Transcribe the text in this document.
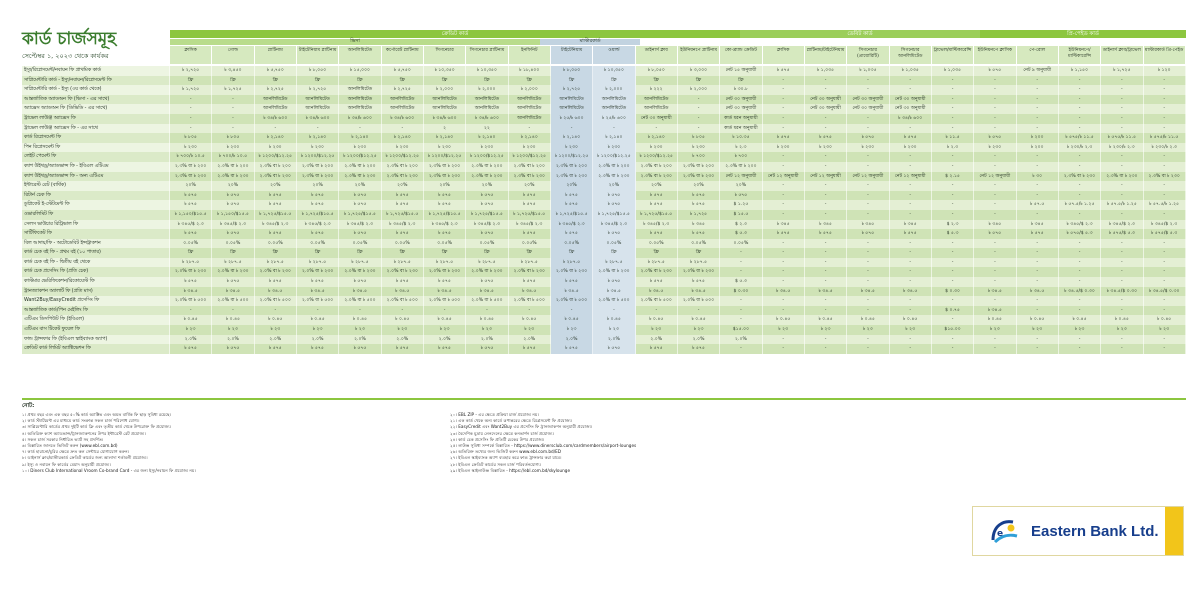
কার্ড চার্জসমূহ
সেপ্টেম্বর ১, ২০২৩ থেকে কার্যকর
ক্রেডিট কার্ড	ডেবিট কার্ড	প্রি-পেইড কার্ড
ভিসা	মাস্টারকার্ড
ক্লাসিক	গোল্ড	প্লাটিনাম	টাইটেনিয়াম প্লাটিনাম	আনলিমিটেড	কর্পোরেট প্লাটিনাম	সিগনেচার	সিগনেচার প্লাটিনাম	ইনফিনিট	টাইটেনিয়াম	ওয়ার্ল্ড	ডাইনার্স ক্লাব	ইউনিয়নপে প্লাটিনাম	কো-ব্র্যান্ড ক্রেডিট	ক্লাসিক	প্লাটিনাম/টাইটেনিয়াম	সিগনেচার (প্রায়োরিটি)
সিগনেচার আনলিমিটেড
ট্রাভেল/মাল্টিকারেন্সি	ইউনিয়নপে ক্লাসিক	পে-রোল	ইউনিয়নপে/মাল্টিকারেন্সি
ডাইনার্স ক্লাব/ট্রাভেল মাস্টারকার্ড প্রি-পেইড
ইস্যু/রিপ্লেসমেন্ট/নবায়ন ফি প্রাথমিক কার্ড	৳ ২,৭২৫	৳ ৩,৪৫০	৳ ৫,৭৫০	৳ ৮,০৫০	৳ ১৫,০০০	৳ ৫,৭৫০	৳ ১০,৩৫০	৳ ১০,৩৫০	৳ ১৮,৪০০	৳ ৮,০৫০	৳ ১০,৩৫০	৳ ৮,০৫০	৳ ৩,০০০	নেট ১৫ অনুযায়ী	৳ ৫৭৫	৳ ১,০৩৫	৳ ১,০৩৫	৳ ১,০৩৫	৳ ১,০৩৫	৳ ৫৭৫	নেট ৯ অনুযায়ী	৳ ১,১৫০	৳ ১,৭২৫	৳ ১২০
সাপ্লিমেন্টারি কার্ড - ইস্যু/নবায়ন/রিপ্লেসমেন্ট ফি	ফ্রি	ফ্রি	ফ্রি	ফ্রি	ফ্রি	ফ্রি	ফ্রি	ফ্রি	ফ্রি	ফ্রি	ফ্রি	ফ্রি	ফ্রি	ফ্রি	-	-	-	-	-	-	-	-	-	-
সাপ্লিমেন্টারি কার্ড - ইস্যু (৩য় কার্ড থেকে)	৳ ১,৭২৫	৳ ১,৭২৫	৳ ২,৭২৫	৳ ২,৭২৫	আনলিমিটেড	৳ ২,৭২৫	৳ ২,০০০	৳ ২,০০০	৳ ২,০০০	৳ ২,৭২৫	৳ ২,০০০	৳ ২২২	৳ ২,০০০	৳ ৩০.৮	-	-	-	-	-	-	-	-	-	-
আন্তর্জাতিক অ্যাডঅন ফি (ভিসা - এর সাথে)	-	-	আনলিমিটেড	আনলিমিটেড	আনলিমিটেড	আনলিমিটেড	আনলিমিটেড	আনলিমিটেড	আনলিমিটেড	আনলিমিটেড	আনলিমিটেড	আনলিমিটেড	-	নেট ৩০ অনুযায়ী	-	নেট ৩০ অনুযায়ী	নেট ৩০ অনুযায়ী	নেট ৩০ অনুযায়ী	-	-	-	-	-	-
অ্যাক্সেস অ্যাডঅন ফি (ডিভিডি - এর সাথে)	-	-	আনলিমিটেড	আনলিমিটেড	আনলিমিটেড	আনলিমিটেড	আনলিমিটেড	আনলিমিটেড	আনলিমিটেড	আনলিমিটেড	আনলিমিটেড	আনলিমিটেড	-	নেট ৩০ অনুযায়ী	-	নেট ৩০ অনুযায়ী	নেট ৩০ অনুযায়ী	নেট ৩০ অনুযায়ী	-	-	-	-	-	-
ট্রাভেল লাউঞ্জ অ্যাক্সেস ফি	-	-	৳ ৩৪/৳ ৬০০	৳ ৩৪/৳ ৬০০	৳ ৩৪/৳ ৬০০	৳ ৩৪/৳ ৬০০	৳ ৩৪/৳ ৬০০	৳ ৩৪/৳ ৬০০	আনলিমিটেড	৳ ২৫/৳ ৬০০	৳ ২৫/৳ ৬০০	নেট ৩০ অনুযায়ী	-	কার্ড ধরন অনুযায়ী	-	-	-	৳ ৩৪/৳ ৬০০	-	-	-	-	-	-
ট্রাভেল লাউঞ্জ অ্যাক্সেস ফি - এর সাথে	-	-	-	-	-	-	২	২২	-	-	-	-	-	কার্ড ধরন অনুযায়ী	-	-	-	-	-	-	-	-	-	-
কার্ড রিপ্লেসমেন্ট ফি	৳ ৮০৫	৳ ৮০৫	৳ ২,১৪০	৳ ২,১৪০	৳ ২,১৪০	৳ ২,১৪০	৳ ২,১৪০	৳ ২,১৪০	৳ ২,১৪০	৳ ২,১৪০	৳ ২,১৪০	৳ ২,১৪০	৳ ৮০৫	৳ ১০.৩৫	৳ ৫৭৫	৳ ৫৭৫	৳ ৫৭৫	৳ ৫৭৫	৳ ১১.৫	৳ ৫৭৫	৳ ২০০	৳ ৫৭৫/৳ ১১.৫	৳ ৫৭৫/৳ ১১.৫	৳ ৫৭৫/৳ ১১.৫
পিন রিপ্লেসমেন্ট ফি	৳ ২৩০	৳ ২৩০	৳ ২৩০	৳ ২৩০	৳ ২৩০	৳ ২৩০	৳ ২৩০	৳ ২৩০	৳ ২৩০	৳ ২৩০	৳ ২৩০	৳ ২৩০	৳ ২৩০	৳ ২.৩	৳ ২৩০	৳ ২৩০	৳ ২৩০	৳ ২৩০	৳ ২.৩	৳ ২৩০	৳ ২০০	৳ ২৩০/৳ ২.৩	৳ ২৩০/৳ ২.৩	৳ ২৩০/৳ ২.৩
লেইট পেমেন্ট ফি	৳ ৭০০/৳ ১০.৫	৳ ৭০০/৳ ১০.৫	৳ ১২০০/$১২.২৫	৳ ১২০০/$১২.২৫	৳ ১২০০/$১২.২৫	৳ ১২০০/$১২.২৫	৳ ১২০০/$১২.২৫	৳ ১২০০/$১২.২৫	৳ ১২০০/$১২.২৫	৳ ১২০০/$১২.২৫	৳ ১২০০/$১২.২৫	৳ ১২০০/$১২.২৫	৳ ৭০০	৳ ৭০০	-	-	-	-	-	-	-	-	-	-
ক্যাশ উইথড্র/অ্যাডভান্স ফি - ইবিএল এটিএম	২.৩% বা ৳ ২০০	২.৩% বা ৳ ২০০	২.৩% বা ৳ ২০০	২.৩% বা ৳ ২০০	২.৩% বা ৳ ২০০	২.৩% বা ৳ ২০০	২.৩% বা ৳ ২০০	২.৩% বা ৳ ২০০	২.৩% বা ৳ ২০০	২.৩% বা ৳ ২০০	২.৩% বা ৳ ২০০	২.৩% বা ৳ ২০০	২.৩% বা ৳ ২০০	২.৩% বা ৳ ২০০	-	-	-	-	-	-	-	-	-	-
ক্যাশ উইথড্র/অ্যাডভান্স ফি - অন্য এটিএম	২.৩% বা ৳ ২৩০	২.৩% বা ৳ ২৩০	২.৩% বা ৳ ২৩০	২.৩% বা ৳ ২৩০	২.৩% বা ৳ ২৩০	২.৩% বা ৳ ২৩০	২.৩% বা ৳ ২৩০	২.৩% বা ৳ ২৩০	২.৩% বা ৳ ২৩০	২.৩% বা ৳ ২৩০	২.৩% বা ৳ ২৩০	২.৩% বা ৳ ২৩০	২.৩% বা ৳ ২৩০	নেট ১২ অনুযায়ী	নেট ১২ অনুযায়ী	নেট ১২ অনুযায়ী	নেট ১২ অনুযায়ী	নেট ১২ অনুযায়ী	$ ২.১৫	নেট ১২ অনুযায়ী	৳ ৩০	২.৩% বা ৳ ২৩০	২.৩% বা ৳ ২৩০	২.৩% বা ৳ ২৩০
ইন্টারেস্ট রেট (বার্ষিক)	২০%	২০%	২০%	২০%	২০%	২০%	২০%	২০%	২০%	২০%	২০%	২০%	২০%	২০%	-	-	-	-	-	-	-	-	-	-
রিটার্ন চেক ফি	৳ ৫৭৫	৳ ৫৭৫	৳ ৫৭৫	৳ ৫৭৫	৳ ৫৭৫	৳ ৫৭৫	৳ ৫৭৫	৳ ৫৭৫	৳ ৫৭৫	৳ ৫৭৫	৳ ৫৭৫	৳ ৫৭৫	৳ ৫৭৫	৳ ৫৭৫	-	-	-	-	-	-	-	-	-	-
ডুপ্লিকেট ই-স্টেটমেন্ট ফি	৳ ৫৭৫	৳ ৫৭৫	৳ ৫৭৫	৳ ৫৭৫	৳ ৫৭৫	৳ ৫৭৫	৳ ৫৭৫	৳ ৫৭৫	৳ ৫৭৫	৳ ৫৭৫	৳ ৫৭৫	৳ ৫৭৫	৳ ৫৭৫	$ ১.২৫	-	-	-	-	-	-	৳ ৫৭.৫	৳ ৫৭.৫/৳ ১.২৫	৳ ৫৭.৫/৳ ১.২৫	৳ ৫৭.৫/৳ ১.২৫
ওভারলিমিট ফি	৳ ১,১৫০/$১৫.৫	৳ ১,১৫০/$১৫.৫	৳ ১,৭২৫/$১৫.৫	৳ ১,৭২৫/$১৫.৫	৳ ১,৭২৫/$১৫.৫	৳ ১,৭২৫/$১৫.৫	৳ ১,৭২৫/$১৫.৫	৳ ১,৭২৫/$১৫.৫	৳ ১,৭২৫/$১৫.৫	৳ ১,৭২৫/$১৫.৫	৳ ১,৭২৫/$১৫.৫	৳ ১,৭২৫/$১৫.৫	৳ ১,৭২৫	$ ১৫.৫	-	-	-	-	-	-	-	-	-	-
সেলস ভাউচার রিট্রিভাল ফি	৳ ৩৪৫/$ ২.৩	৳ ৩৪৫/$ ২.৩	৳ ৩৪৫/$ ২.৩	৳ ৩৪৫/$ ২.৩	৳ ৩৪৫/$ ২.৩	৳ ৩৪৫/$ ২.৩	৳ ৩৪৫/$ ২.৩	৳ ৩৪৫/$ ২.৩	৳ ৩৪৫/$ ২.৩	৳ ৩৪৫/$ ২.৩	৳ ৩৪৫/$ ২.৩	৳ ৩৪৫/$ ২.৩	৳ ৩৪৫	$ ২.৩	৳ ৩৪৫	৳ ৩৪৫	৳ ৩৪৫	৳ ৩৪৫	$ ২.৩	৳ ৩৪৫	৳ ৩৪৫	৳ ৩৪৫/$ ২.৩	৳ ৩৪৫/$ ২.৩	৳ ৩৪৫/$ ২.৩
সার্টিফিকেট ফি	৳ ৫৭৫	৳ ৫৭৫	৳ ৫৭৫	৳ ৫৭৫	৳ ৫৭৫	৳ ৫৭৫	৳ ৫৭৫	৳ ৫৭৫	৳ ৫৭৫	৳ ৫৭৫	৳ ৫৭৫	৳ ৫৭৫	৳ ৫৭৫	$ ৫.৩	৳ ৫৭৫	৳ ৫৭৫	৳ ৫৭৫	৳ ৫৭৫	$ ৫.৩	৳ ৫৭৫	৳ ৫৭৫	৳ ৫৭৫/$ ৫.৩	৳ ৫৭৫/$ ৫.৩	৳ ৫৭৫/$ ৫.৩
বিল আদায়/ফি - অটোডেবিট ইন্সট্রাকশন	০.০৫%	০.০৫%	০.০৫%	০.০৫%	০.০৫%	০.০৫%	০.০৫%	০.০৫%	০.০৫%	০.০৫%	০.০৫%	০.০৫%	০.০৫%	০.০৫%	-	-	-	-	-	-	-	-	-	-
কার্ড চেক বই ফি - প্রথম বই (১০ পাতার)	ফ্রি	ফ্রি	ফ্রি	ফ্রি	ফ্রি	ফ্রি	ফ্রি	ফ্রি	ফ্রি	ফ্রি	ফ্রি	ফ্রি	ফ্রি	-	-	-	-	-	-	-	-	-	-	-
কার্ড চেক বই ফি - দ্বিতীয় বই থেকে	৳ ২৮৭.৫	৳ ২৮৭.৫	৳ ২৮৭.৫	৳ ২৮৭.৫	৳ ২৮৭.৫	৳ ২৮৭.৫	৳ ২৮৭.৫	৳ ২৮৭.৫	৳ ২৮৭.৫	৳ ২৮৭.৫	৳ ২৮৭.৫	৳ ২৮৭.৫	৳ ২৮৭.৫	-	-	-	-	-	-	-	-	-	-	-
কার্ড চেক প্রসেসিং ফি (প্রতি চেক)	২.০% বা ৳ ২৩০	২.০% বা ৳ ২৩০	২.০% বা ৳ ২৩০	২.০% বা ৳ ২৩০	২.০% বা ৳ ২৩০	২.০% বা ৳ ২৩০	২.০% বা ৳ ২৩০	২.০% বা ৳ ২৩০	২.০% বা ৳ ২৩০	২.০% বা ৳ ২৩০	২.০% বা ৳ ২৩০	২.০% বা ৳ ২৩০	২.০% বা ৳ ২৩০	-	-	-	-	-	-	-	-	-	-	-
কাস্টমার ভেরিফিকেশন/রিকোয়েস্ট ফি	৳ ৫৭৫	৳ ৫৭৫	৳ ৫৭৫	৳ ৫৭৫	৳ ৫৭৫	৳ ৫৭৫	৳ ৫৭৫	৳ ৫৭৫	৳ ৫৭৫	৳ ৫৭৫	৳ ৫৭৫	৳ ৫৭৫	৳ ৫৭৫	$ ৫.৩	-	-	-	-	-	-	-	-	-	-
ট্রানজ্যাকশন অ্যালার্ট ফি (প্রতি মাস)	৳ ৩৪.৫	৳ ৩৪.৫	৳ ৩৪.৫	৳ ৩৪.৫	৳ ৩৪.৫	৳ ৩৪.৫	৳ ৩৪.৫	৳ ৩৪.৫	৳ ৩৪.৫	৳ ৩৪.৫	৳ ৩৪.৫	৳ ৩৪.৫	৳ ৩৪.৫	$ ০.৩০	৳ ৩৪.৫	৳ ৩৪.৫	৳ ৩৪.৫	৳ ৩৪.৫	$ ০.৩০	৳ ৩৪.৫	৳ ৩৪.৫	৳ ৩৪.৫/$ ০.৩০	৳ ৩৪.৫/$ ০.৩০	৳ ৩৪.৫/$ ০.৩০
Want2Buy/EasyCredit প্রসেসিং ফি	২.০% বা ৳ ৫০০	২.০% বা ৳ ৫০০	২.০% বা ৳ ৫০০	২.০% বা ৳ ৫০০	২.০% বা ৳ ৫০০	২.০% বা ৳ ৫০০	২.০% বা ৳ ৫০০	২.০% বা ৳ ৫০০	২.০% বা ৳ ৫০০	২.০% বা ৳ ৫০০	২.০% বা ৳ ৫০০	২.০% বা ৳ ৫০০	২.০% বা ৳ ৫০০	-	-	-	-	-	-	-	-	-	-	-
আন্তর্জাতিক কার্ড/পিন মেইলিং ফি	-	-	-	-	-	-	-	-	-	-	-	-	-	-	-	-	-	-	$ ০.৭৫	৳ ৩৪.৫	-	-	-	-
এটিএম ডিসপিউট ফি (ইবিএল)	৳ ০.৪৫	৳ ০.৪৫	৳ ০.৪৫	৳ ০.৪৫	৳ ০.৪৫	৳ ০.৪৫	৳ ০.৪৫	৳ ০.৪৫	৳ ০.৪৫	৳ ০.৪৫	৳ ০.৪৫	৳ ০.৪৫	৳ ০.৪৫	-	৳ ০.৪৫	৳ ০.৪৫	৳ ০.৪৫	৳ ০.৪৫	-	৳ ০.৪৫	৳ ০.৪৫	৳ ০.৪৫	৳ ০.৪৫	৳ ০.৪৫
এটিএম বাস টিকেট ফুয়েল ফি	৳ ২৩	৳ ২৩	৳ ২৩	৳ ২৩	৳ ২৩	৳ ২৩	৳ ২৩	৳ ২৩	৳ ২৩	৳ ২৩	৳ ২৩	৳ ২৩	৳ ২৩	$১৫.০০	৳ ২৩	৳ ২৩	৳ ২৩	৳ ২৩	$১৫.০০	৳ ২৩	৳ ২৩	৳ ২৩	৳ ২৩	৳ ২৩
ফান্ড ট্রান্সফার ফি (ইবিএল স্কাইব্যাংক অ্যাপ)	২.০%	২.০%	২.০%	২.০%	২.০%	২.০%	২.০%	২.০%	২.০%	২.০%	২.০%	২.০%	২.০%	২.০%	-	-	-	-	-	-	-	-	-	-
ক্রেডিট কার্ড লিমিট অ্যাক্টিভেশন ফি	৳ ৫৭৫	৳ ৫৭৫	৳ ৫৭৫	৳ ৫৭৫	৳ ৫৭৫	৳ ৫৭৫	৳ ৫৭৫	৳ ৫৭৫	৳ ৫৭৫	৳ ৫৭৫	৳ ৫৭৫	৳ ৫৭৫	৳ ৫৭৫	-	-	-	-	-	-	-	-	-	-	-
নোট:
১। প্রথম বছর এবং এক বছর ৫০% কার্ড অ্যাক্টিভ এবং অমত বার্ষিক ফি ছাড় সুবিধা রয়েছে।
২। কার্ড স্ট্যাটমেন্ট এর মাধ্যমে কার্ড সংক্রান্ত সকল চার্জ পরিশোধ যোগ্য।
৩। সাপ্লিমেন্টারি কার্ডের প্রথম দুইটি কার্ড ফ্রি এবং তৃতীয় কার্ড থেকে উপরোক্ত ফি প্রযোজ্য।
৪। অতিরিক্ত ক্যাশ অ্যাডভান্স/ট্রানজ্যাকশনের উপর ইন্টারেস্ট রেট প্রযোজ্য।
৫। সকল চার্জ সরকার নির্ধারিত ভ্যাট সহ প্রদর্শিত।
৬। বিস্তারিত জানতে ভিজিট করুন (www.ebl.com.bd)
৭। কার্ড হারানো/চুরির ক্ষেত্রে দ্রুত কল সেন্টারে যোগাযোগ করুন।
৮। ডাইনার্স ক্লাব/মাস্টারকার্ড ক্রেডিট কার্ডের জন্য আলাদা শর্তাবলী প্রযোজ্য।
৯। ইস্যু ও নবায়ন ফি কার্ডের মেয়াদ অনুযায়ী প্রযোজ্য।
১০। Diners Club International Vroom Co-brand Card - এর জন্য ইস্যু/নবায়ন ফি প্রযোজ্য নয়।
২০। EBL ZIP - এর ক্ষেত্রে প্রক্রিয়া চার্জ প্রযোজ্য নয়।
২১। এক কার্ড থেকে অন্য কার্ডে রূপান্তরের ক্ষেত্রে রিপ্লেসমেন্ট ফি প্রযোজ্য।
২২। EasyCredit এবং Want2Buy এর প্রসেসিং ফি ট্রানজ্যাকশন অনুযায়ী প্রযোজ্য।
২৩। বৈদেশিক মুদ্রায় লেনদেনের ক্ষেত্রে কনভার্শন চার্জ প্রযোজ্য।
২৪। কার্ড চেক প্রসেসিং ফি প্রতিটি চেকের উপর প্রযোজ্য।
২৫। লাউঞ্জ সুবিধা সম্পর্কে বিস্তারিত - https://www.dinersclub.com/cardmembers/airport-lounges
২৬। অতিরিক্ত তথ্যের জন্য ভিজিট করুন www.ebl.com.bd/ED
২৭। ইবিএল স্কাইব্যাংক অ্যাপ ব্যবহার করে ফান্ড ট্রান্সফার করা যাবে।
২৮। ইবিএল ক্রেডিট কার্ডের সকল চার্জ পরিবর্তনযোগ্য।
২৯। ইবিএল স্কাইলাউঞ্জ বিস্তারিত - https://ebl.com.bd/skylounge
e Eastern Bank Ltd.
